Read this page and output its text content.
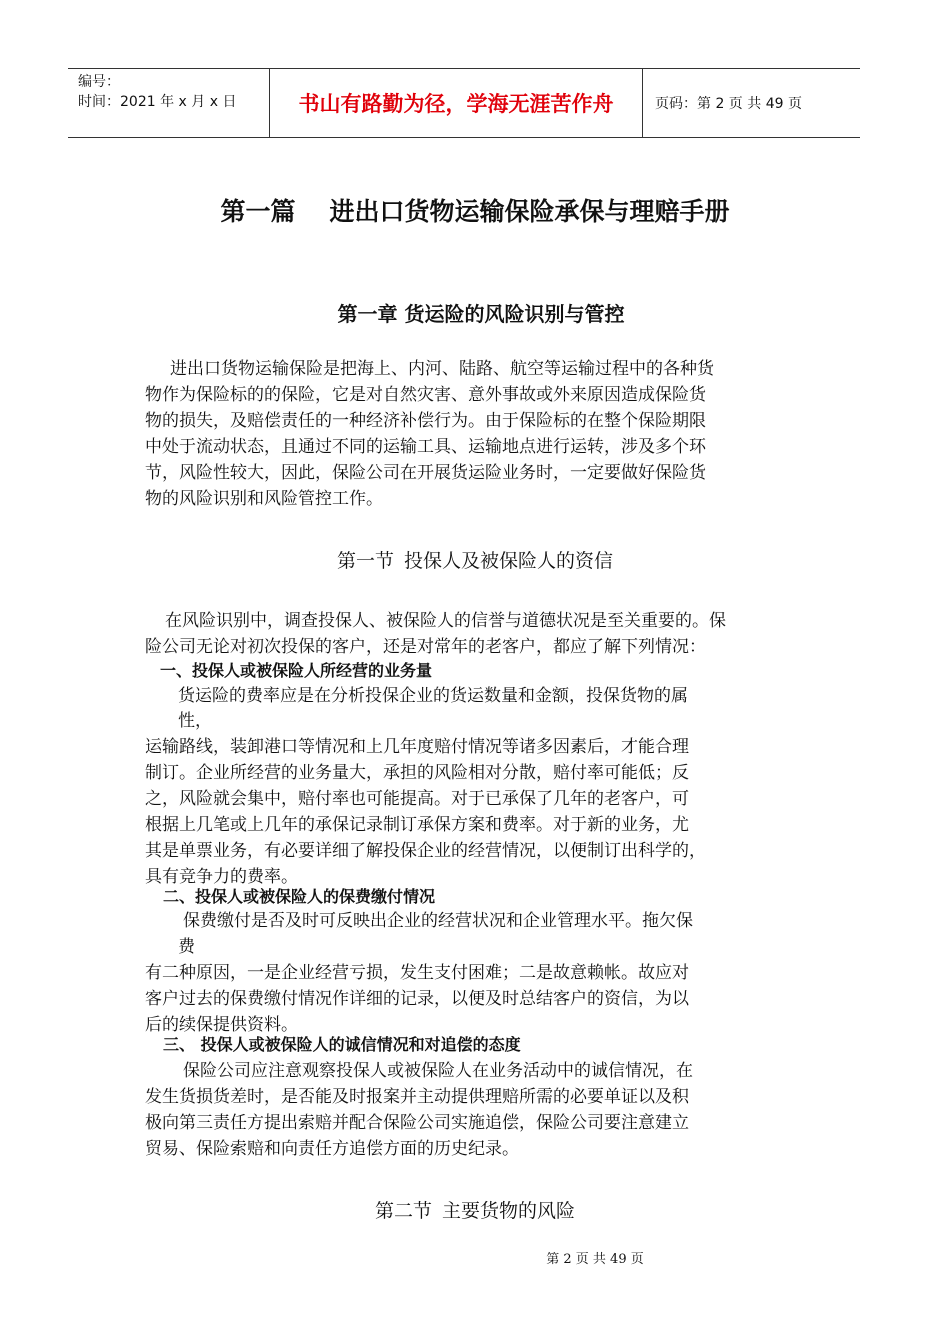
编号：
时间：2021 年 x 月 x 日	书山有路勤为径，学海无涯苦作舟	页码：第 2 页 共 49 页
第一篇 进出口货物运输保险承保与理赔手册
第一章 货运险的风险识别与管控
进出口货物运输保险是把海上、内河、陆路、航空等运输过程中的各种货
物作为保险标的的保险，它是对自然灾害、意外事故或外来原因造成保险货
物的损失，及赔偿责任的一种经济补偿行为。由于保险标的在整个保险期限
中处于流动状态，且通过不同的运输工具、运输地点进行运转，涉及多个环
节，风险性较大，因此，保险公司在开展货运险业务时，一定要做好保险货
物的风险识别和风险管控工作。
第一节 投保人及被保险人的资信
在风险识别中，调查投保人、被保险人的信誉与道德状况是至关重要的。保
险公司无论对初次投保的客户，还是对常年的老客户，都应了解下列情况：
一、投保人或被保险人所经营的业务量
货运险的费率应是在分析投保企业的货运数量和金额，投保货物的属
性，
运输路线，装卸港口等情况和上几年度赔付情况等诸多因素后，才能合理
制订。企业所经营的业务量大，承担的风险相对分散，赔付率可能低；反
之，风险就会集中，赔付率也可能提高。对于已承保了几年的老客户，可
根据上几笔或上几年的承保记录制订承保方案和费率。对于新的业务，尤
其是单票业务，有必要详细了解投保企业的经营情况，以便制订出科学的，
具有竞争力的费率。
二、投保人或被保险人的保费缴付情况
保费缴付是否及时可反映出企业的经营状况和企业管理水平。拖欠保
费
有二种原因，一是企业经营亏损，发生支付困难；二是故意赖帐。故应对
客户过去的保费缴付情况作详细的记录，以便及时总结客户的资信，为以
后的续保提供资料。
三、 投保人或被保险人的诚信情况和对追偿的态度
保险公司应注意观察投保人或被保险人在业务活动中的诚信情况，在
发生货损货差时，是否能及时报案并主动提供理赔所需的必要单证以及积
极向第三责任方提出索赔并配合保险公司实施追偿，保险公司要注意建立
贸易、保险索赔和向责任方追偿方面的历史纪录。
第二节 主要货物的风险
第 2 页 共 49 页
